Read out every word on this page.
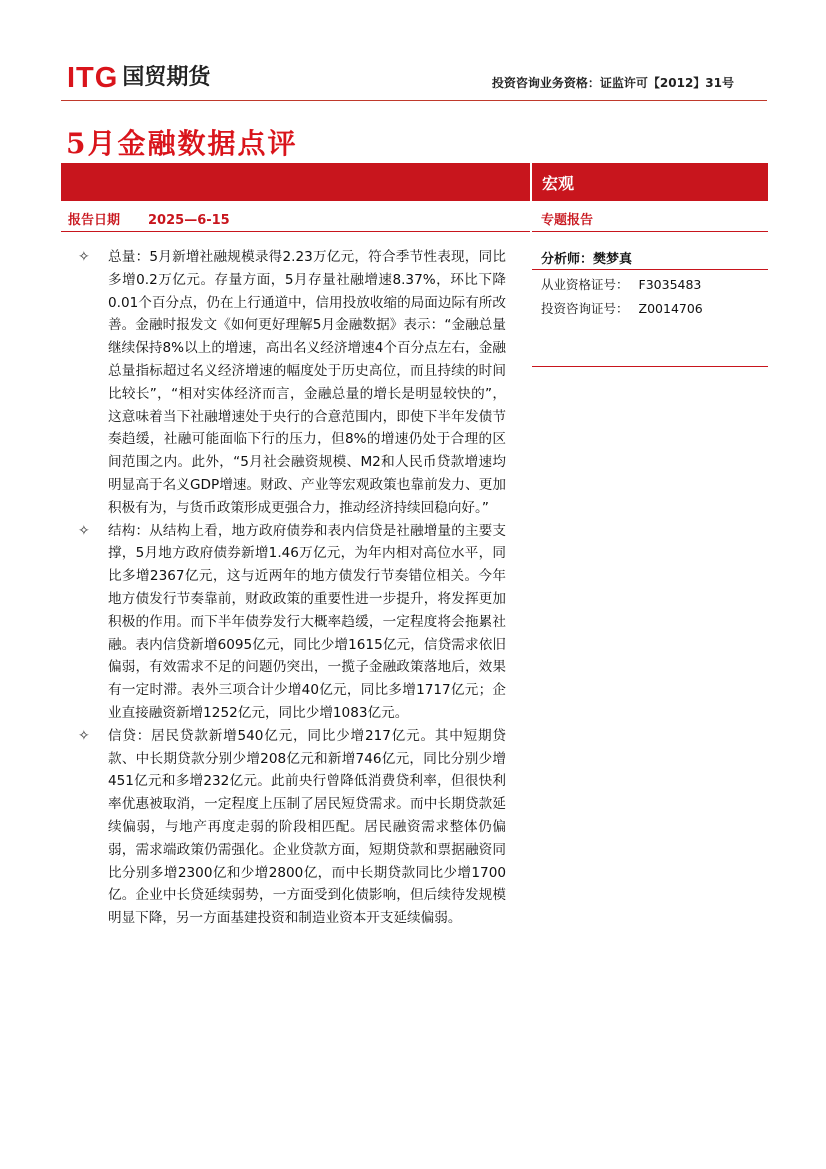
ITG 国贸期货	投资咨询业务资格：证监许可【2012】31号
5月金融数据点评
宏观
报告日期 2025—6-15	专题报告
分析师：樊梦真
从业资格证号： F3035483
投资咨询证号： Z0014706
✧ 总量：5月新增社融规模录得2.23万亿元，符合季节性表现，同比多增0.2万亿元。存量方面，5月存量社融增速8.37%，环比下降0.01个百分点，仍在上行通道中，信用投放收缩的局面边际有所改善。金融时报发文《如何更好理解5月金融数据》表示：“金融总量继续保持8%以上的增速，高出名义经济增速4个百分点左右，金融总量指标超过名义经济增速的幅度处于历史高位，而且持续的时间比较长”，“相对实体经济而言，金融总量的增长是明显较快的”，这意味着当下社融增速处于央行的合意范围内，即使下半年发债节奏趋缓，社融可能面临下行的压力，但8%的增速仍处于合理的区间范围之内。此外，“5月社会融资规模、M2和人民币贷款增速均明显高于名义GDP增速。财政、产业等宏观政策也靠前发力、更加积极有为，与货币政策形成更强合力，推动经济持续回稳向好。”
✧ 结构：从结构上看，地方政府债券和表内信贷是社融增量的主要支撑，5月地方政府债券新增1.46万亿元，为年内相对高位水平，同比多增2367亿元，这与近两年的地方债发行节奏错位相关。今年地方债发行节奏靠前，财政政策的重要性进一步提升，将发挥更加积极的作用。而下半年债券发行大概率趋缓，一定程度将会拖累社融。表内信贷新增6095亿元，同比少增1615亿元，信贷需求依旧偏弱，有效需求不足的问题仍突出，一揽子金融政策落地后，效果有一定时滞。表外三项合计少增40亿元，同比多增1717亿元；企业直接融资新增1252亿元，同比少增1083亿元。
✧ 信贷：居民贷款新增540亿元，同比少增217亿元。其中短期贷款、中长期贷款分别少增208亿元和新增746亿元，同比分别少增451亿元和多增232亿元。此前央行曾降低消费贷利率，但很快利率优惠被取消，一定程度上压制了居民短贷需求。而中长期贷款延续偏弱，与地产再度走弱的阶段相匹配。居民融资需求整体仍偏弱，需求端政策仍需强化。企业贷款方面，短期贷款和票据融资同比分别多增2300亿和少增2800亿，而中长期贷款同比少增1700亿。企业中长贷延续弱势，一方面受到化债影响，但后续待发规模明显下降，另一方面基建投资和制造业资本开支延续偏弱。
